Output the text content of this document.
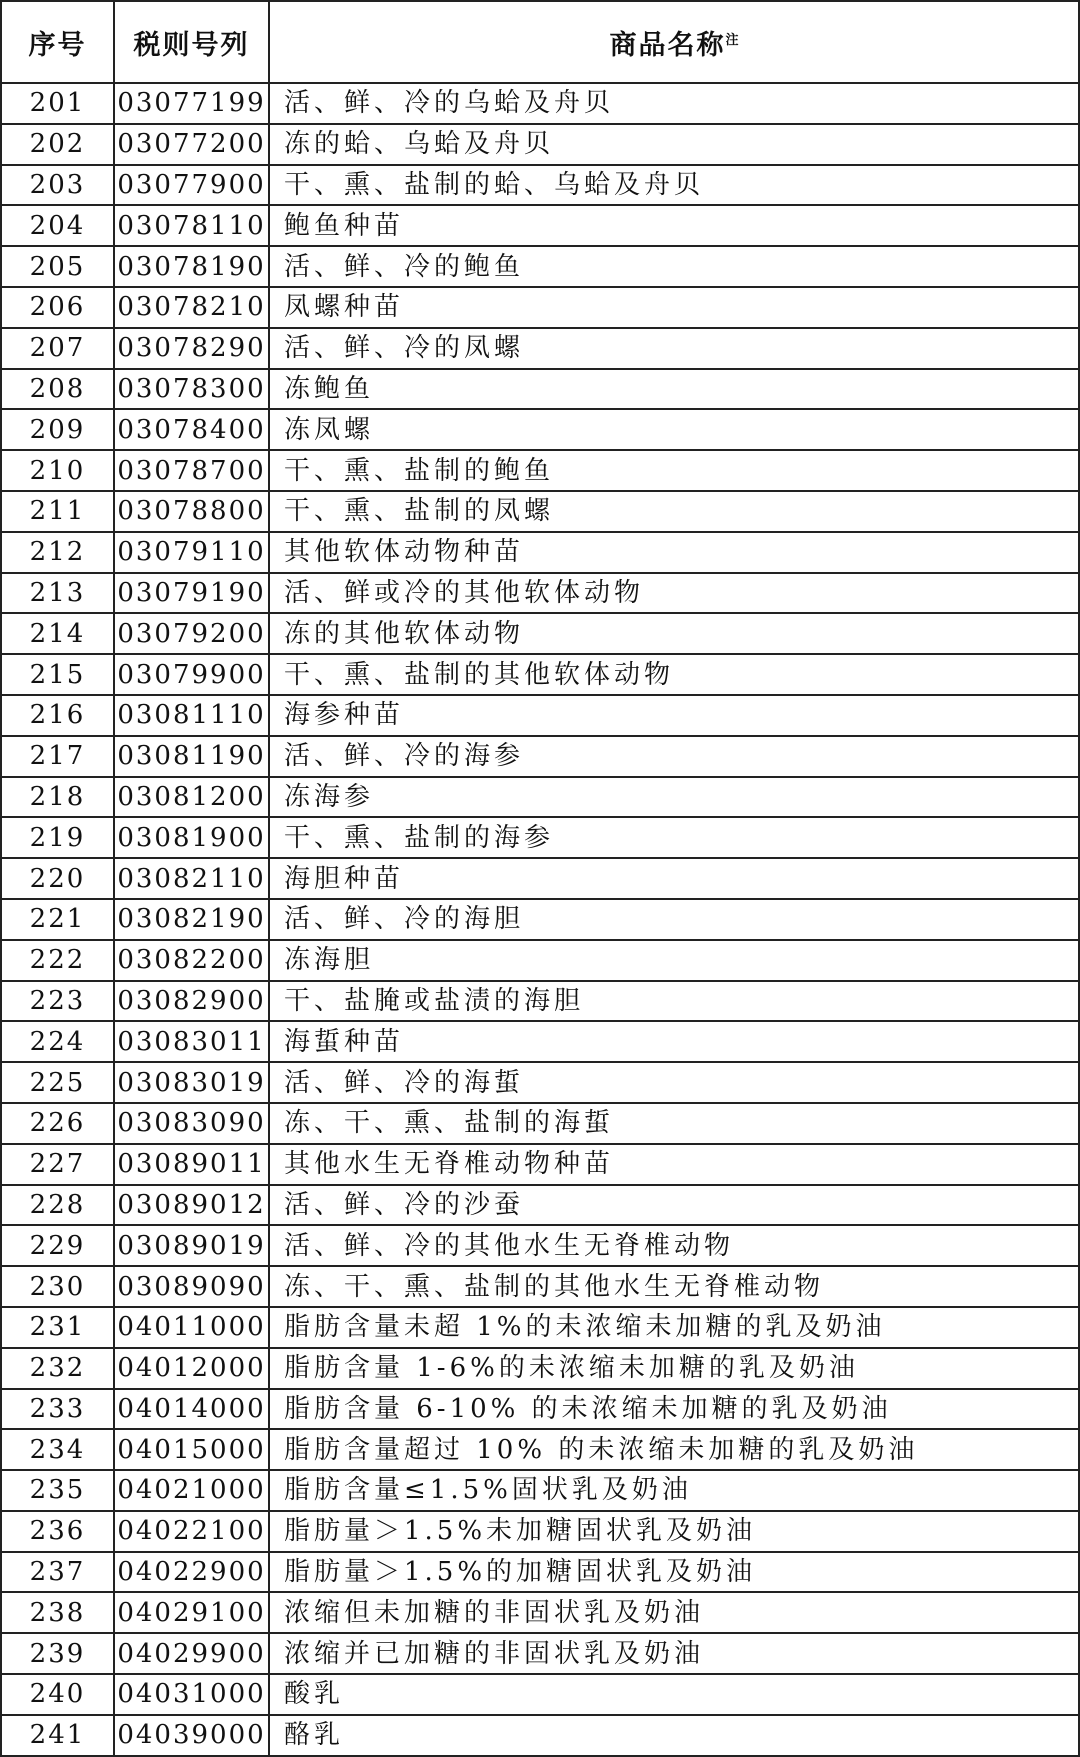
序号	税则号列	商品名称$^注$
201	03077199	活、鲜、冷的乌蛤及舟贝
202	03077200	冻的蛤、乌蛤及舟贝
203	03077900	干、熏、盐制的蛤、乌蛤及舟贝
204	03078110	鲍鱼种苗
205	03078190	活、鲜、冷的鲍鱼
206	03078210	凤螺种苗
207	03078290	活、鲜、冷的凤螺
208	03078300	冻鲍鱼
209	03078400	冻凤螺
210	03078700	干、熏、盐制的鲍鱼
211	03078800	干、熏、盐制的凤螺
212	03079110	其他软体动物种苗
213	03079190	活、鲜或冷的其他软体动物
214	03079200	冻的其他软体动物
215	03079900	干、熏、盐制的其他软体动物
216	03081110	海参种苗
217	03081190	活、鲜、冷的海参
218	03081200	冻海参
219	03081900	干、熏、盐制的海参
220	03082110	海胆种苗
221	03082190	活、鲜、冷的海胆
222	03082200	冻海胆
223	03082900	干、盐腌或盐渍的海胆
224	03083011	海蜇种苗
225	03083019	活、鲜、冷的海蜇
226	03083090	冻、干、熏、盐制的海蜇
227	03089011	其他水生无脊椎动物种苗
228	03089012	活、鲜、冷的沙蚕
229	03089019	活、鲜、冷的其他水生无脊椎动物
230	03089090	冻、干、熏、盐制的其他水生无脊椎动物
231	04011000	脂肪含量未超 1%的未浓缩未加糖的乳及奶油
232	04012000	脂肪含量 1-6%的未浓缩未加糖的乳及奶油
233	04014000	脂肪含量 6-10% 的未浓缩未加糖的乳及奶油
234	04015000	脂肪含量超过 10% 的未浓缩未加糖的乳及奶油
235	04021000	脂肪含量≤1.5%固状乳及奶油
236	04022100	脂肪量＞1.5%未加糖固状乳及奶油
237	04022900	脂肪量＞1.5%的加糖固状乳及奶油
238	04029100	浓缩但未加糖的非固状乳及奶油
239	04029900	浓缩并已加糖的非固状乳及奶油
240	04031000	酸乳
241	04039000	酪乳
